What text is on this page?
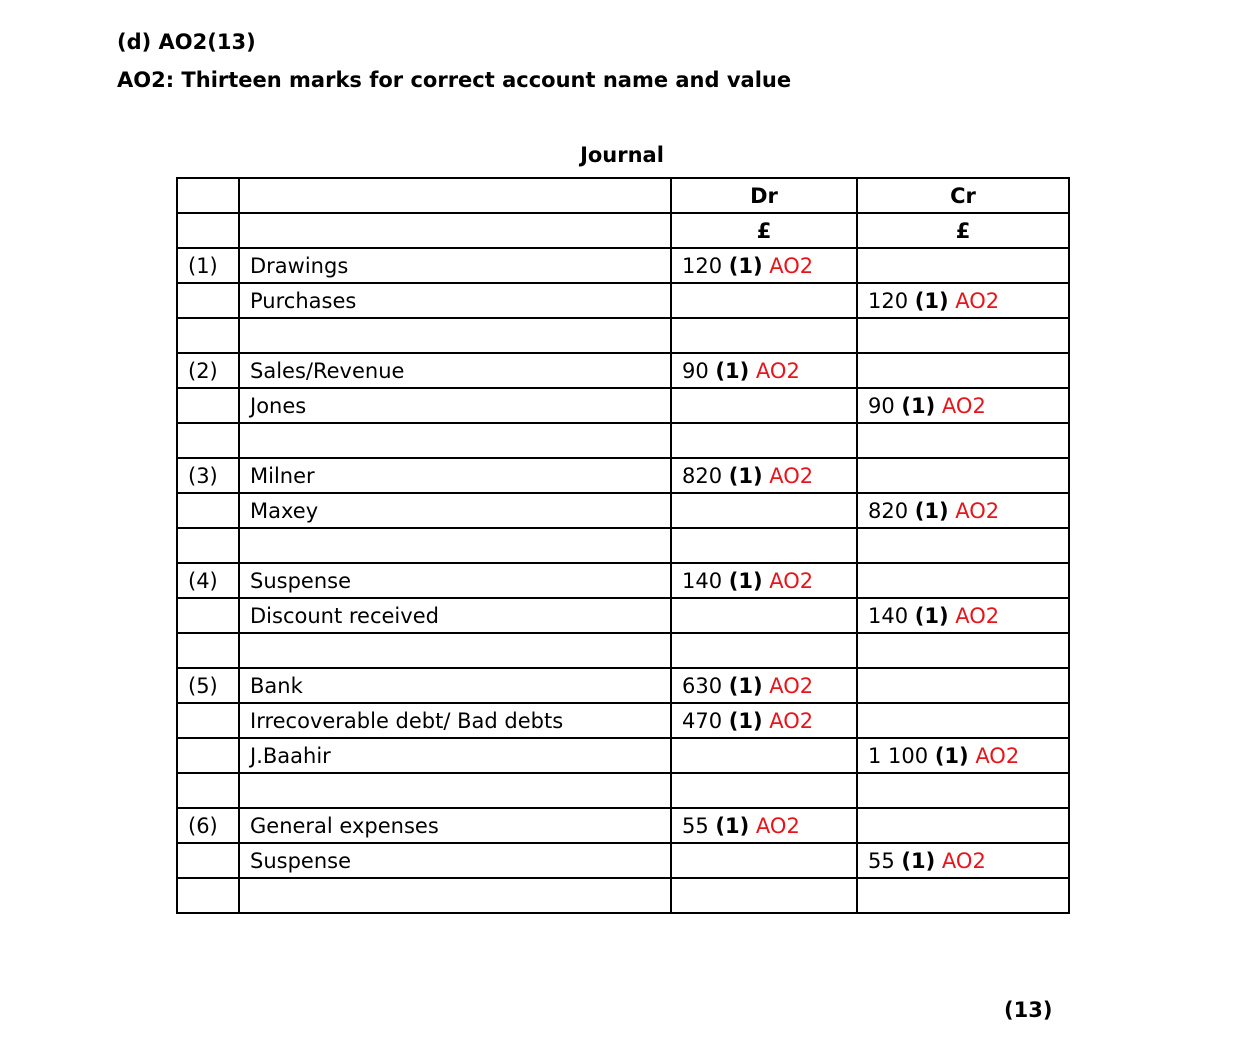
(d) AO2(13)

AO2: Thirteen marks for correct account name and value

Journal

		Dr	Cr
		£	£
(1)	Drawings	120 (1) AO2	
	Purchases		120 (1) AO2

(2)	Sales/Revenue	90 (1) AO2	
	Jones		90 (1) AO2

(3)	Milner	820 (1) AO2	
	Maxey		820 (1) AO2

(4)	Suspense	140 (1) AO2	
	Discount received		140 (1) AO2

(5)	Bank	630 (1) AO2	
	Irrecoverable debt/ Bad debts	470 (1) AO2	
	J.Baahir		1 100 (1) AO2

(6)	General expenses	55 (1) AO2	
	Suspense		55 (1) AO2

(13)
